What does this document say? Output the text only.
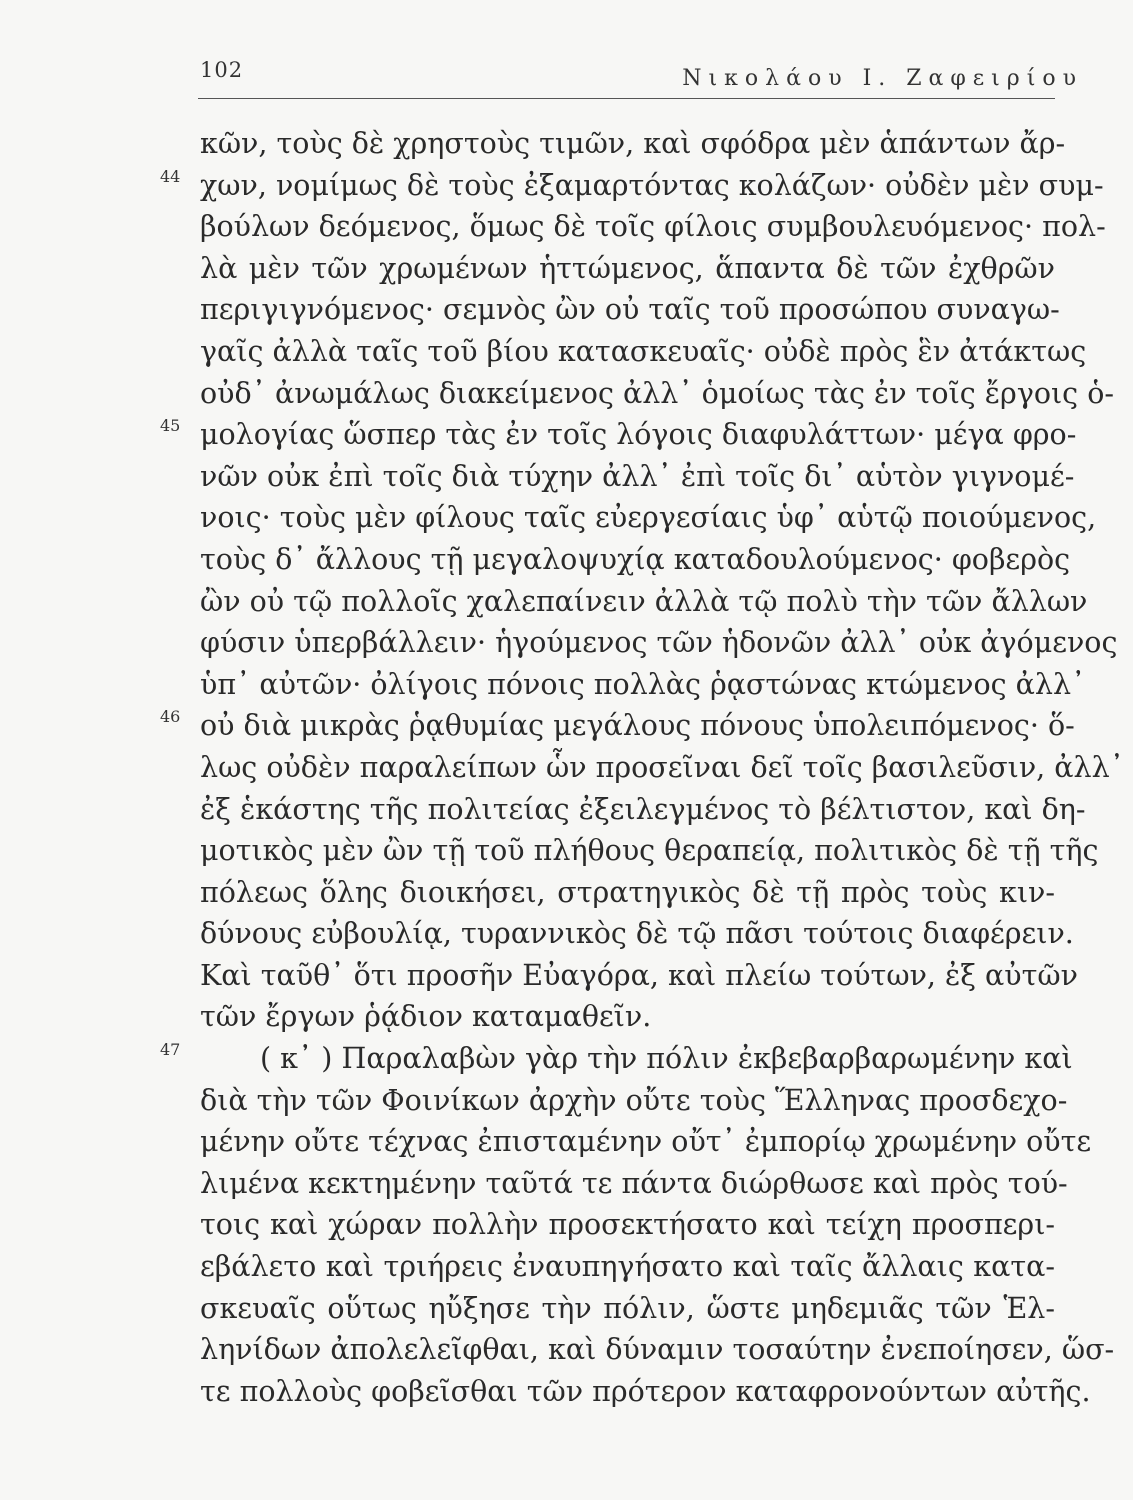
102	Νικολάου Ι. Ζαφειρίου
κῶν, τοὺς δὲ χρηστοὺς τιμῶν, καὶ σφόδρα μὲν ἁπάντων ἄρ-
44 χων, νομίμως δὲ τοὺς ἐξαμαρτόντας κολάζων· οὐδὲν μὲν συμ-
βούλων δεόμενος, ὅμως δὲ τοῖς φίλοις συμβουλευόμενος· πολ-
λὰ μὲν τῶν χρωμένων ἡττώμενος, ἅπαντα δὲ τῶν ἐχθρῶν
περιγιγνόμενος· σεμνὸς ὢν οὐ ταῖς τοῦ προσώπου συναγω-
γαῖς ἀλλὰ ταῖς τοῦ βίου κατασκευαῖς· οὐδὲ πρὸς ἓν ἀτάκτως
οὐδ᾽ ἀνωμάλως διακείμενος ἀλλ᾽ ὁμοίως τὰς ἐν τοῖς ἔργοις ὁ-
45 μολογίας ὥσπερ τὰς ἐν τοῖς λόγοις διαφυλάττων· μέγα φρο-
νῶν οὐκ ἐπὶ τοῖς διὰ τύχην ἀλλ᾽ ἐπὶ τοῖς δι᾽ αὑτὸν γιγνομέ-
νοις· τοὺς μὲν φίλους ταῖς εὐεργεσίαις ὑφ᾽ αὑτῷ ποιούμενος,
τοὺς δ᾽ ἄλλους τῇ μεγαλοψυχίᾳ καταδουλούμενος· φοβερὸς
ὢν οὐ τῷ πολλοῖς χαλεπαίνειν ἀλλὰ τῷ πολὺ τὴν τῶν ἄλλων
φύσιν ὑπερβάλλειν· ἡγούμενος τῶν ἡδονῶν ἀλλ᾽ οὐκ ἀγόμενος
ὑπ᾽ αὐτῶν· ὀλίγοις πόνοις πολλὰς ῥᾳστώνας κτώμενος ἀλλ᾽
46 οὐ διὰ μικρὰς ῥᾳθυμίας μεγάλους πόνους ὑπολειπόμενος· ὅ-
λως οὐδὲν παραλείπων ὧν προσεῖναι δεῖ τοῖς βασιλεῦσιν, ἀλλ᾽
ἐξ ἑκάστης τῆς πολιτείας ἐξειλεγμένος τὸ βέλτιστον, καὶ δη-
μοτικὸς μὲν ὢν τῇ τοῦ πλήθους θεραπείᾳ, πολιτικὸς δὲ τῇ τῆς
πόλεως ὅλης διοικήσει, στρατηγικὸς δὲ τῇ πρὸς τοὺς κιν-
δύνους εὐβουλίᾳ, τυραννικὸς δὲ τῷ πᾶσι τούτοις διαφέρειν.
Καὶ ταῦθ᾽ ὅτι προσῆν Εὐαγόρα, καὶ πλείω τούτων, ἐξ αὐτῶν
τῶν ἔργων ῥᾴδιον καταμαθεῖν.
47	( κ᾽ ) Παραλαβὼν γὰρ τὴν πόλιν ἐκβεβαρβαρωμένην καὶ
διὰ τὴν τῶν Φοινίκων ἀρχὴν οὔτε τοὺς Ἕλληνας προσδεχο-
μένην οὔτε τέχνας ἐπισταμένην οὔτ᾽ ἐμπορίῳ χρωμένην οὔτε
λιμένα κεκτημένην ταῦτά τε πάντα διώρθωσε καὶ πρὸς τού-
τοις καὶ χώραν πολλὴν προσεκτήσατο καὶ τείχη προσπερι-
εβάλετο καὶ τριήρεις ἐναυπηγήσατο καὶ ταῖς ἄλλαις κατα-
σκευαῖς οὕτως ηὔξησε τὴν πόλιν, ὥστε μηδεμιᾶς τῶν Ἑλ-
ληνίδων ἀπολελεῖφθαι, καὶ δύναμιν τοσαύτην ἐνεποίησεν, ὥσ-
τε πολλοὺς φοβεῖσθαι τῶν πρότερον καταφρονούντων αὐτῆς.
